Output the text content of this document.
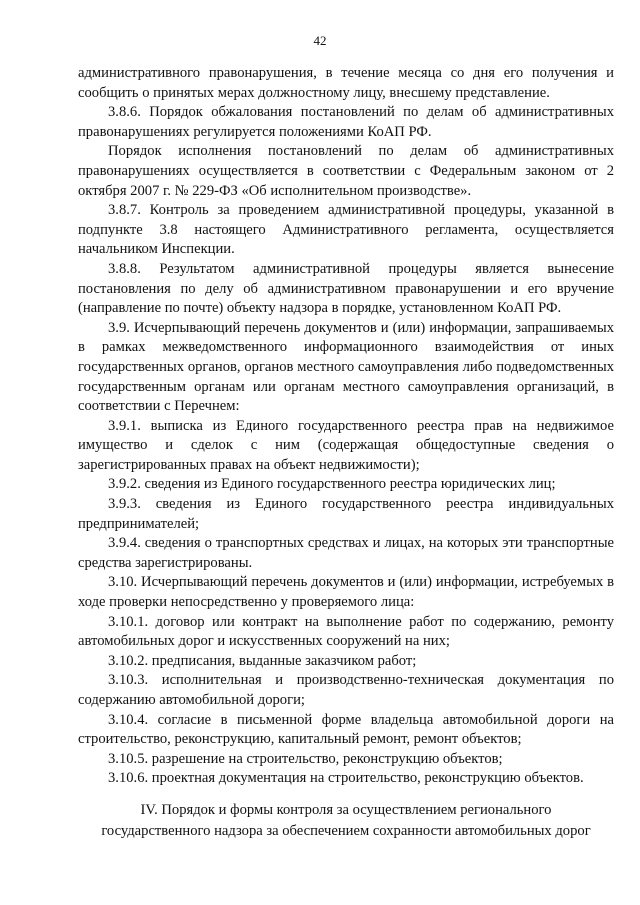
42

административного правонарушения, в течение месяца со дня его получения и сообщить о принятых мерах должностному лицу, внесшему представление.

3.8.6. Порядок обжалования постановлений по делам об административных правонарушениях регулируется положениями КоАП РФ.

Порядок исполнения постановлений по делам об административных правонарушениях осуществляется в соответствии с Федеральным законом от 2 октября 2007 г. № 229-ФЗ «Об исполнительном производстве».

3.8.7. Контроль за проведением административной процедуры, указанной в подпункте 3.8 настоящего Административного регламента, осуществляется начальником Инспекции.

3.8.8. Результатом административной процедуры является вынесение постановления по делу об административном правонарушении и его вручение (направление по почте) объекту надзора в порядке, установленном КоАП РФ.

3.9. Исчерпывающий перечень документов и (или) информации, запрашиваемых в рамках межведомственного информационного взаимодействия от иных государственных органов, органов местного самоуправления либо подведомственных государственным органам или органам местного самоуправления организаций, в соответствии с Перечнем:

3.9.1. выписка из Единого государственного реестра прав на недвижимое имущество и сделок с ним (содержащая общедоступные сведения о зарегистрированных правах на объект недвижимости);

3.9.2. сведения из Единого государственного реестра юридических лиц;

3.9.3. сведения из Единого государственного реестра индивидуальных предпринимателей;

3.9.4. сведения о транспортных средствах и лицах, на которых эти транспортные средства зарегистрированы.

3.10. Исчерпывающий перечень документов и (или) информации, истребуемых в ходе проверки непосредственно у проверяемого лица:

3.10.1. договор или контракт на выполнение работ по содержанию, ремонту автомобильных дорог и искусственных сооружений на них;

3.10.2. предписания, выданные заказчиком работ;

3.10.3. исполнительная и производственно-техническая документация по содержанию автомобильной дороги;

3.10.4. согласие в письменной форме владельца автомобильной дороги на строительство, реконструкцию, капитальный ремонт, ремонт объектов;

3.10.5. разрешение на строительство, реконструкцию объектов;

3.10.6. проектная документация на строительство, реконструкцию объектов.

IV. Порядок и формы контроля за осуществлением регионального
государственного надзора за обеспечением сохранности автомобильных дорог
